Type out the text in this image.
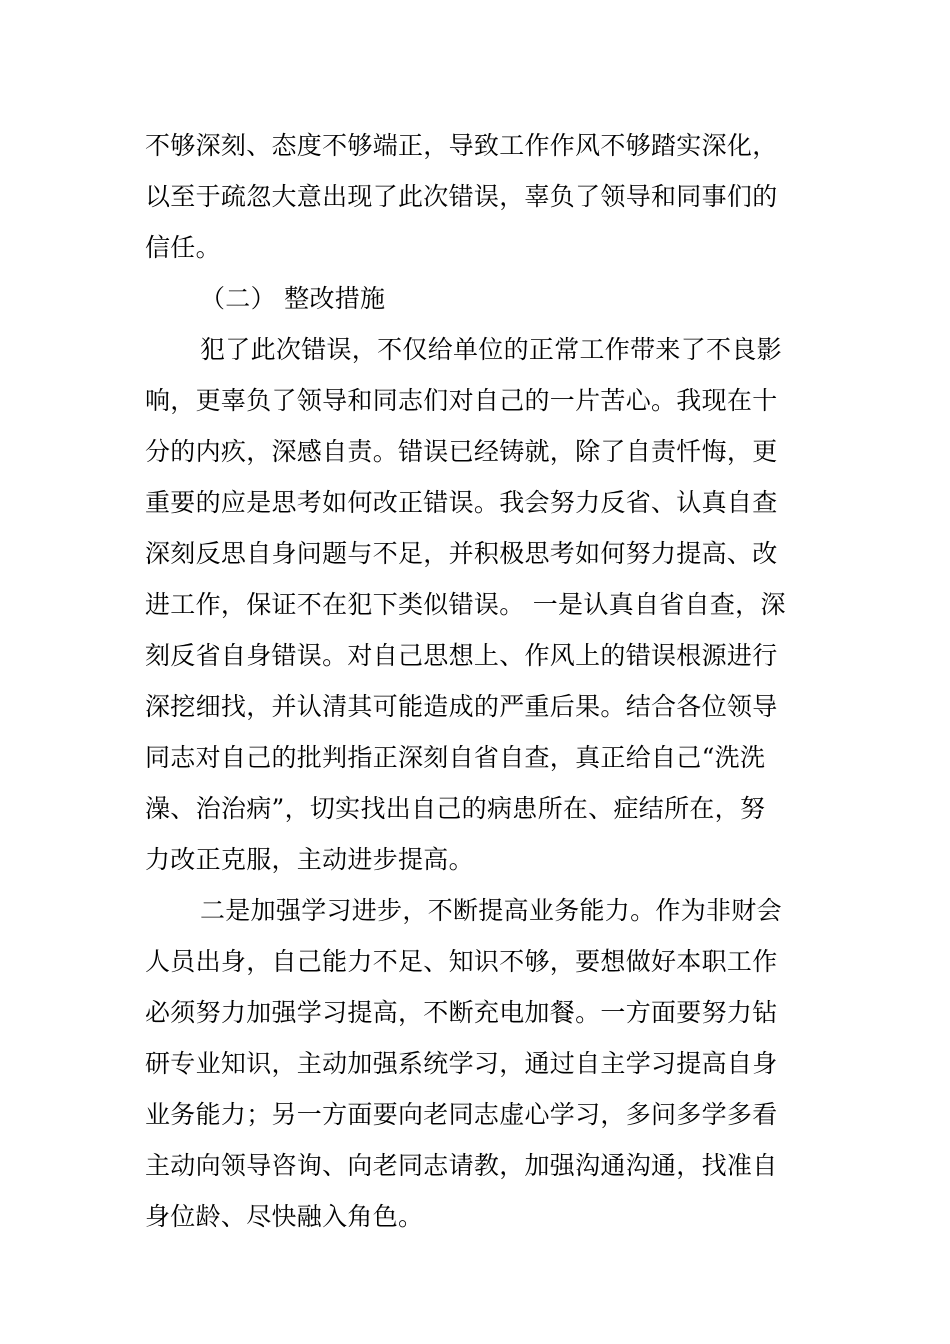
不够深刻、态度不够端正，导致工作作风不够踏实深化，
以至于疏忽大意出现了此次错误，辜负了领导和同事们的
信任。
（二） 整改措施
犯了此次错误，不仅给单位的正常工作带来了不良影
响，更辜负了领导和同志们对自己的一片苦心。我现在十
分的内疚，深感自责。错误已经铸就，除了自责忏悔，更
重要的应是思考如何改正错误。我会努力反省、认真自查
深刻反思自身问题与不足，并积极思考如何努力提高、改
进工作，保证不在犯下类似错误。 一是认真自省自查，深
刻反省自身错误。对自己思想上、作风上的错误根源进行
深挖细找，并认清其可能造成的严重后果。结合各位领导
同志对自己的批判指正深刻自省自查，真正给自己“洗洗
澡、治治病”，切实找出自己的病患所在、症结所在，努
力改正克服，主动进步提高。
二是加强学习进步，不断提高业务能力。作为非财会
人员出身，自己能力不足、知识不够，要想做好本职工作
必须努力加强学习提高，不断充电加餐。一方面要努力钻
研专业知识，主动加强系统学习，通过自主学习提高自身
业务能力；另一方面要向老同志虚心学习，多问多学多看
主动向领导咨询、向老同志请教，加强沟通沟通，找准自
身位龄、尽快融入角色。
